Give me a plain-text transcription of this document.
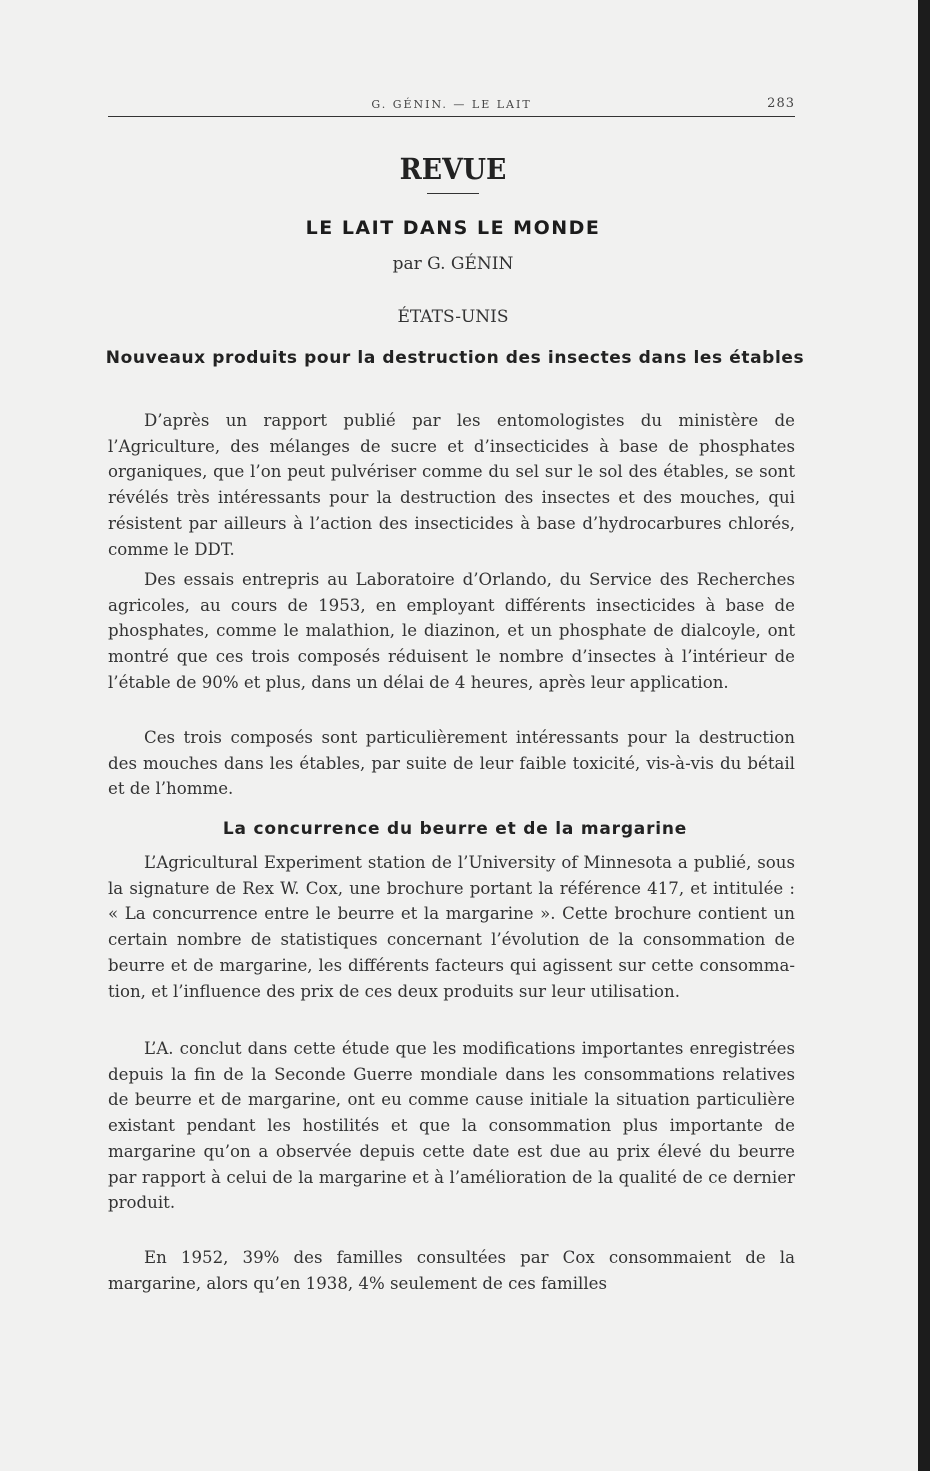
G. GÉNIN. — LE LAIT	283
REVUE
LE LAIT DANS LE MONDE
par G. GÉNIN
ÉTATS-UNIS
Nouveaux produits pour la destruction des insectes dans les étables

D’après un rapport publié par les entomologistes du ministère de l’Agriculture, des mélanges de sucre et d’insecticides à base de phosphates organiques, que l’on peut pulvériser comme du sel sur le sol des étables, se sont révélés très intéressants pour la destruction des insectes et des mouches, qui résistent par ailleurs à l’action des insecticides à base d’hydrocarbures chlorés, comme le DDT.

Des essais entrepris au Laboratoire d’Orlando, du Service des Recherches agricoles, au cours de 1953, en employant différents insecticides à base de phosphates, comme le malathion, le diazinon, et un phosphate de dialcoyle, ont montré que ces trois composés réduisent le nombre d’insectes à l’intérieur de l’étable de 90% et plus, dans un délai de 4 heures, après leur application.

Ces trois composés sont particulièrement intéressants pour la destruction des mouches dans les étables, par suite de leur faible toxicité, vis-à-vis du bétail et de l’homme.

La concurrence du beurre et de la margarine

L’Agricultural Experiment station de l’University of Minnesota a publié, sous la signature de Rex W. Cox, une brochure portant la référence 417, et intitulée : « La concurrence entre le beurre et la margarine ». Cette brochure contient un certain nombre de statistiques concernant l’évolution de la consommation de beurre et de margarine, les différents facteurs qui agissent sur cette consommation, et l’influence des prix de ces deux produits sur leur utilisation.

L’A. conclut dans cette étude que les modifications importantes enregistrées depuis la fin de la Seconde Guerre mondiale dans les consommations relatives de beurre et de margarine, ont eu comme cause initiale la situation particulière existant pendant les hostilités et que la consommation plus importante de margarine qu’on a observée depuis cette date est due au prix élevé du beurre par rapport à celui de la margarine et à l’amélioration de la qualité de ce dernier produit.

En 1952, 39% des familles consultées par Cox consommaient de la margarine, alors qu’en 1938, 4% seulement de ces familles
